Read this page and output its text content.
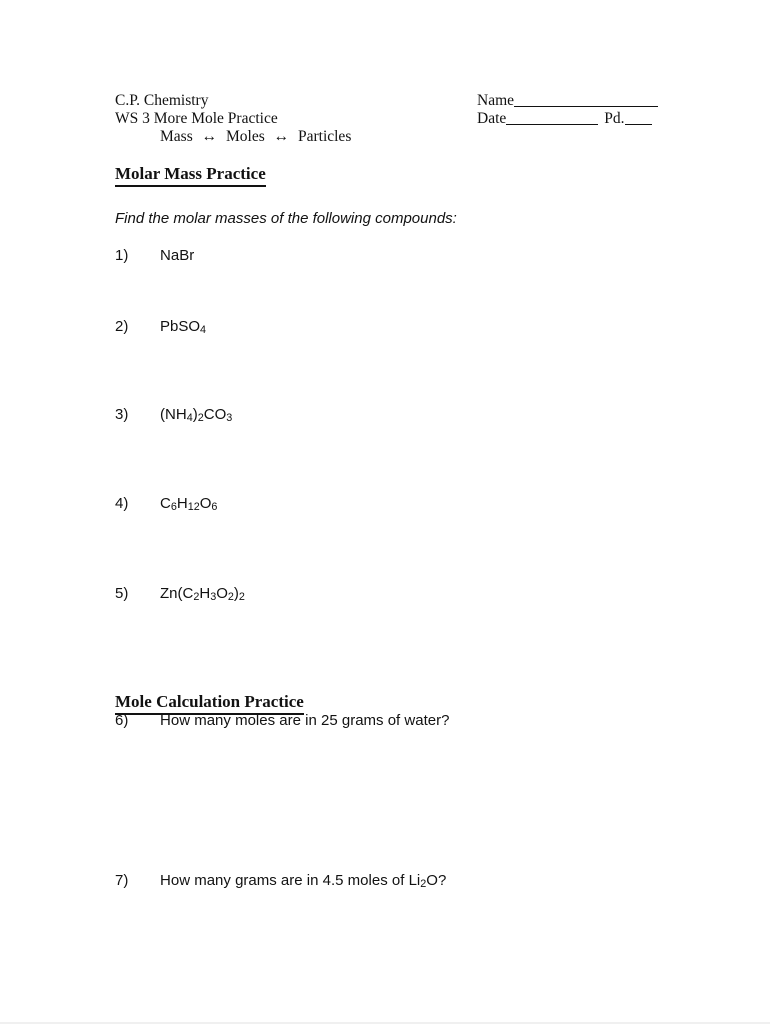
C.P. Chemistry
WS 3 More Mole Practice
Mass ↔ Moles ↔ Particles
Name
Date	Pd.
Molar Mass Practice
Find the molar masses of the following compounds:
1) NaBr
2) PbSO$_4$
3) $(NH_4)_2CO_3$
4) $C_6H_{12}O_6$
5) $Zn(C_2H_3O_2)_2$
Mole Calculation Practice
6) How many moles are in 25 grams of water?
7) How many grams are in 4.5 moles of $Li_2O$?
